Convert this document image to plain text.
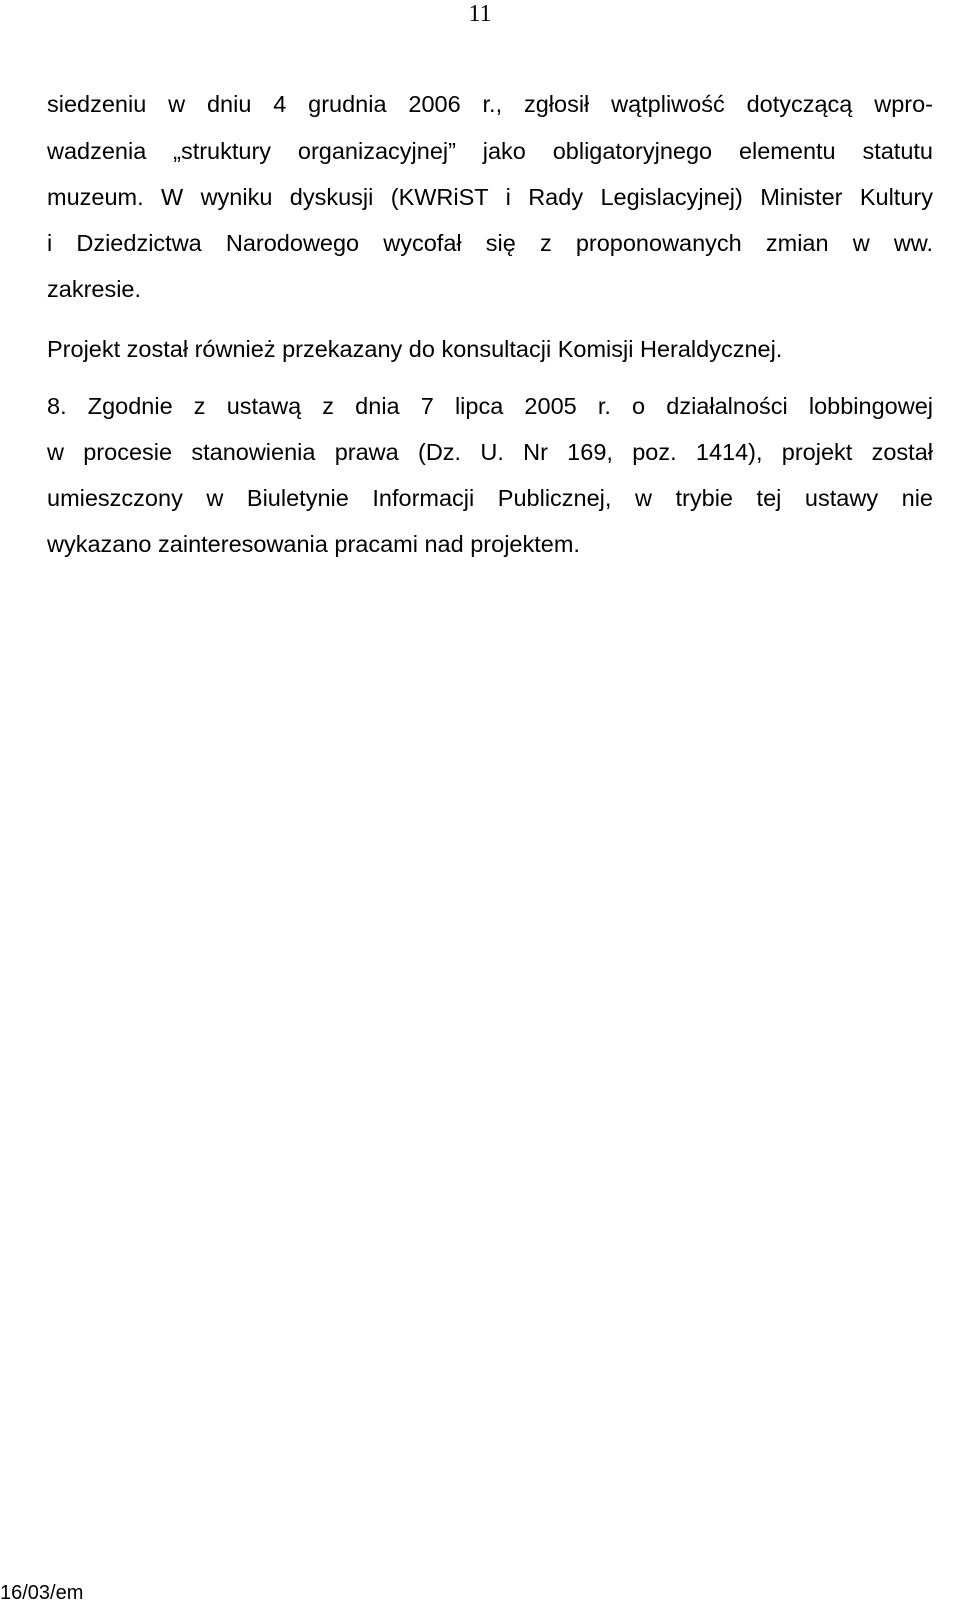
11
siedzeniu w dniu 4 grudnia 2006 r., zgłosił wątpliwość dotyczącą wpro-
wadzenia „struktury organizacyjnej” jako obligatoryjnego elementu statutu
muzeum. W wyniku dyskusji (KWRiST i Rady Legislacyjnej) Minister Kultury
i Dziedzictwa Narodowego wycofał się z proponowanych zmian w ww.
zakresie.
Projekt został również przekazany do konsultacji Komisji Heraldycznej.
8. Zgodnie z ustawą z dnia 7 lipca 2005 r. o działalności lobbingowej
w procesie stanowienia prawa (Dz. U. Nr 169, poz. 1414), projekt został
umieszczony w Biuletynie Informacji Publicznej, w trybie tej ustawy nie
wykazano zainteresowania pracami nad projektem.
16/03/em
